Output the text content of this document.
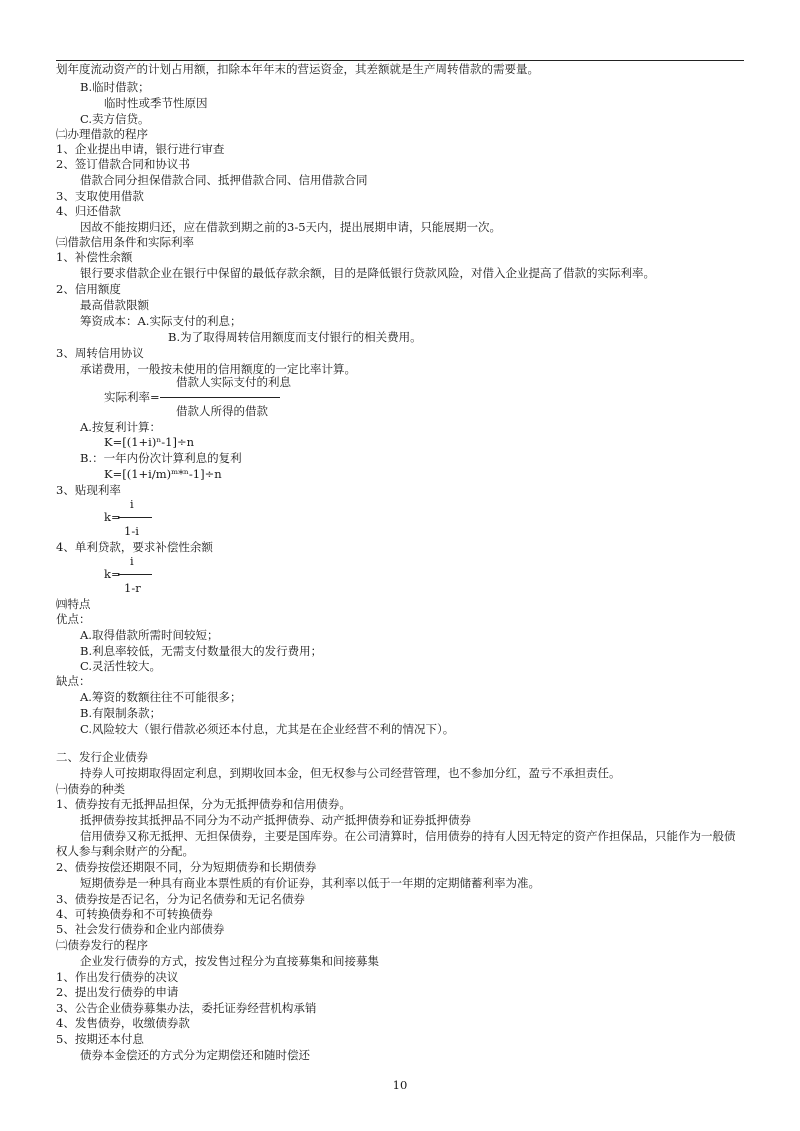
划年度流动资产的计划占用额，扣除本年年末的营运资金，其差额就是生产周转借款的需要量。
B.临时借款；
临时性或季节性原因
C.卖方信贷。
㈡办理借款的程序
1、企业提出申请，银行进行审查
2、签订借款合同和协议书
借款合同分担保借款合同、抵押借款合同、信用借款合同
3、支取使用借款
4、归还借款
因故不能按期归还，应在借款到期之前的3-5天内，提出展期申请，只能展期一次。
㈢借款信用条件和实际利率
1、补偿性余额
银行要求借款企业在银行中保留的最低存款余额，目的是降低银行贷款风险，对借入企业提高了借款的实际利率。
2、信用额度
最高借款限额
筹资成本：A.实际支付的利息；
B.为了取得周转信用额度而支付银行的相关费用。
3、周转信用协议
承诺费用，一般按未使用的信用额度的一定比率计算。
借款人实际支付的利息
实际利率=
借款人所得的借款
A.按复利计算：
K=[(1+i)ⁿ-1]÷n
B.：一年内份次计算利息的复利
K=[(1+i/m)ᵐ*ⁿ-1]÷n
3、贴现利率
i
k=
1-i
4、单利贷款，要求补偿性余额
i
k=
1-r
㈣特点
优点：
A.取得借款所需时间较短；
B.利息率较低，无需支付数量很大的发行费用；
C.灵活性较大。
缺点：
A.筹资的数额往往不可能很多；
B.有限制条款；
C.风险较大（银行借款必须还本付息，尤其是在企业经营不利的情况下）。
二、发行企业债券
持券人可按期取得固定利息，到期收回本金，但无权参与公司经营管理，也不参加分红，盈亏不承担责任。
㈠债券的种类
1、债券按有无抵押品担保，分为无抵押债券和信用债券。
抵押债券按其抵押品不同分为不动产抵押债券、动产抵押债券和证券抵押债券
信用债券又称无抵押、无担保债券，主要是国库券。在公司清算时，信用债券的持有人因无特定的资产作担保品，只能作为一般债权人参与剩余财产的分配。
2、债券按偿还期限不同，分为短期债券和长期债券
短期债券是一种具有商业本票性质的有价证券，其利率以低于一年期的定期储蓄利率为准。
3、债券按是否记名，分为记名债券和无记名债券
4、可转换债券和不可转换债券
5、社会发行债券和企业内部债券
㈡债券发行的程序
企业发行债券的方式，按发售过程分为直接募集和间接募集
1、作出发行债券的决议
2、提出发行债券的申请
3、公告企业债券募集办法，委托证券经营机构承销
4、发售债券，收缴债券款
5、按期还本付息
债券本金偿还的方式分为定期偿还和随时偿还
10
